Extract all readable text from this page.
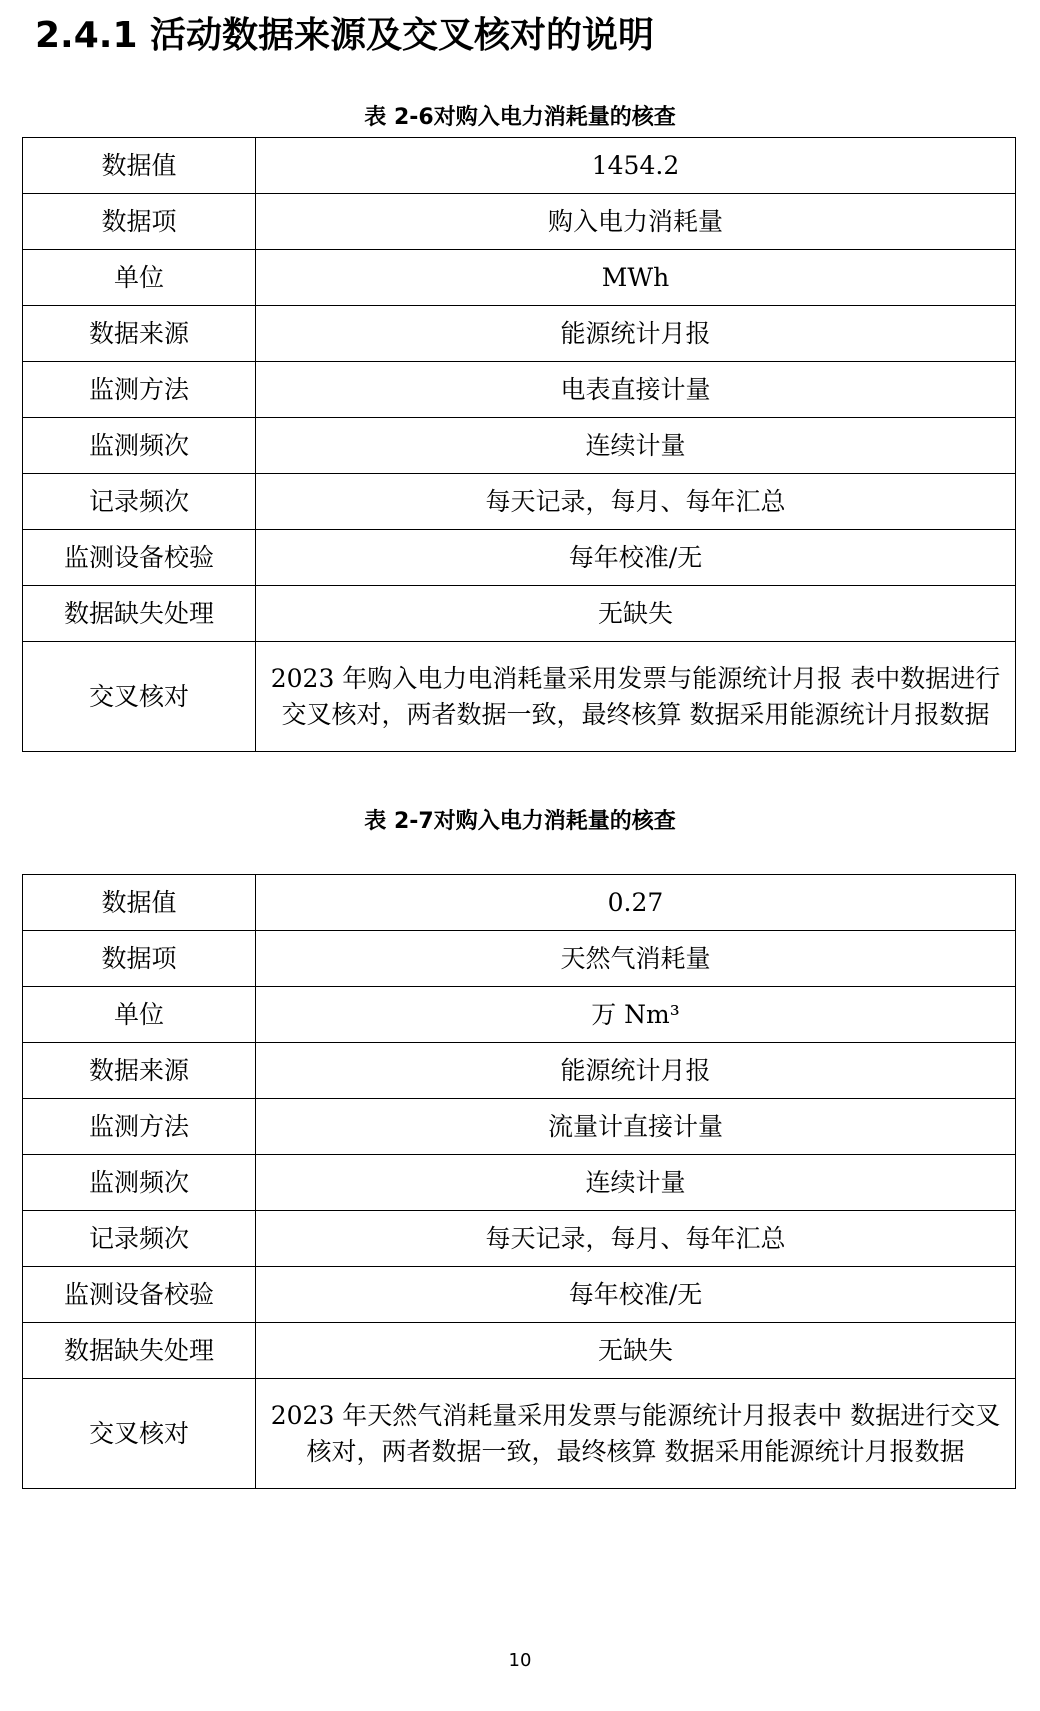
2.4.1 活动数据来源及交叉核对的说明
表 2-6对购入电力消耗量的核查
数据值	1454.2
数据项	购入电力消耗量
单位	MWh
数据来源	能源统计月报
监测方法	电表直接计量
监测频次	连续计量
记录频次	每天记录，每月、每年汇总
监测设备校验	每年校准/无
数据缺失处理	无缺失
交叉核对	2023 年购入电力电消耗量采用发票与能源统计月报 表中数据进行交叉核对，两者数据一致，最终核算 数据采用能源统计月报数据
表 2-7对购入电力消耗量的核查
数据值	0.27
数据项	天然气消耗量
单位	万 Nm³
数据来源	能源统计月报
监测方法	流量计直接计量
监测频次	连续计量
记录频次	每天记录，每月、每年汇总
监测设备校验	每年校准/无
数据缺失处理	无缺失
交叉核对	2023 年天然气消耗量采用发票与能源统计月报表中 数据进行交叉核对，两者数据一致，最终核算 数据采用能源统计月报数据
10
